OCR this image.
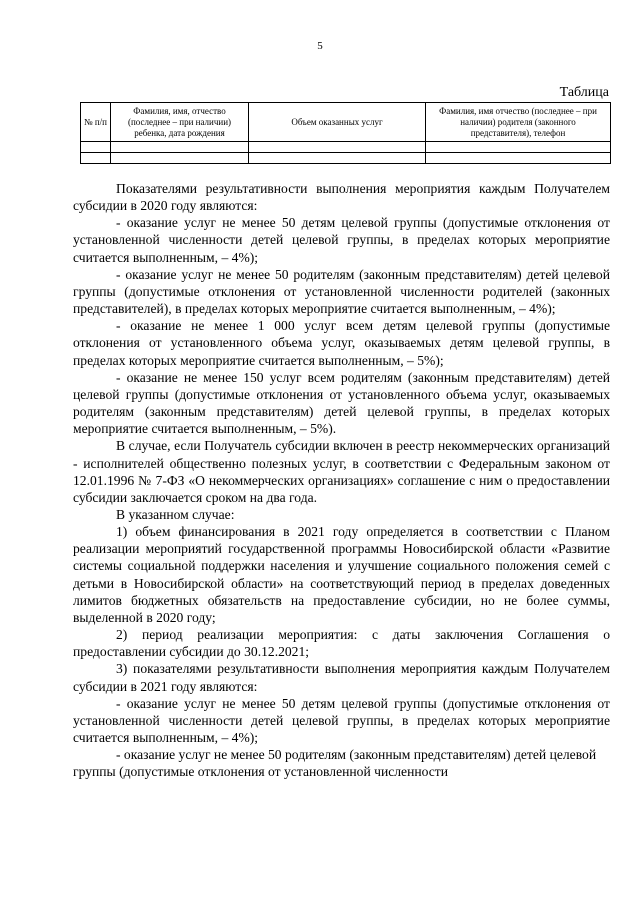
5
Таблица
№ п/п	Фамилия, имя, отчество (последнее – при наличии) ребенка, дата рождения	Объем оказанных услуг	Фамилия, имя отчество (последнее – при наличии) родителя (законного представителя), телефон

Показателями результативности выполнения мероприятия каждым Получателем субсидии в 2020 году являются:

- оказание услуг не менее 50 детям целевой группы (допустимые отклонения от установленной численности детей целевой группы, в пределах которых мероприятие считается выполненным, – 4%);

- оказание услуг не менее 50 родителям (законным представителям) детей целевой группы (допустимые отклонения от установленной численности родителей (законных представителей), в пределах которых мероприятие считается выполненным, – 4%);

- оказание не менее 1 000 услуг всем детям целевой группы (допустимые отклонения от установленного объема услуг, оказываемых детям целевой группы, в пределах которых мероприятие считается выполненным, – 5%);

- оказание не менее 150 услуг всем родителям (законным представителям) детей целевой группы (допустимые отклонения от установленного объема услуг, оказываемых родителям (законным представителям) детей целевой группы, в пределах которых мероприятие считается выполненным, – 5%).

В случае, если Получатель субсидии включен в реестр некоммерческих организаций - исполнителей общественно полезных услуг, в соответствии с Федеральным законом от 12.01.1996 № 7-ФЗ «О некоммерческих организациях» соглашение с ним о предоставлении субсидии заключается сроком на два года.

В указанном случае:

1) объем финансирования в 2021 году определяется в соответствии с Планом реализации мероприятий государственной программы Новосибирской области «Развитие системы социальной поддержки населения и улучшение социального положения семей с детьми в Новосибирской области» на соответствующий период в пределах доведенных лимитов бюджетных обязательств на предоставление субсидии, но не более суммы, выделенной в 2020 году;

2) период реализации мероприятия: с даты заключения Соглашения о предоставлении субсидии до 30.12.2021;

3) показателями результативности выполнения мероприятия каждым Получателем субсидии в 2021 году являются:

- оказание услуг не менее 50 детям целевой группы (допустимые отклонения от установленной численности детей целевой группы, в пределах которых мероприятие считается выполненным, – 4%);

- оказание услуг не менее 50 родителям (законным представителям) детей целевой группы (допустимые отклонения от установленной численности
